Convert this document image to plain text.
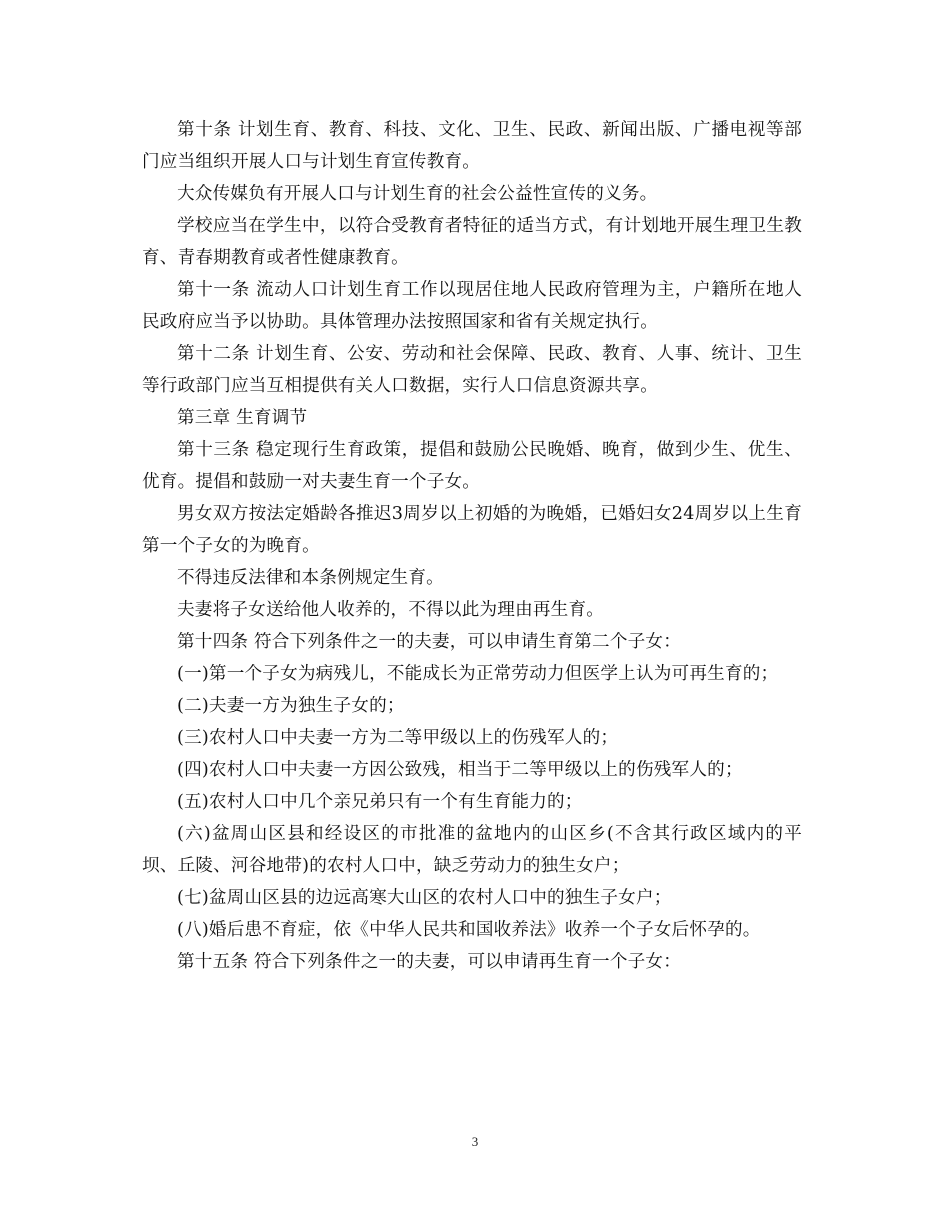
第十条 计划生育、教育、科技、文化、卫生、民政、新闻出版、广播电视等部门应当组织开展人口与计划生育宣传教育。

大众传媒负有开展人口与计划生育的社会公益性宣传的义务。

学校应当在学生中，以符合受教育者特征的适当方式，有计划地开展生理卫生教育、青春期教育或者性健康教育。

第十一条 流动人口计划生育工作以现居住地人民政府管理为主，户籍所在地人民政府应当予以协助。具体管理办法按照国家和省有关规定执行。

第十二条 计划生育、公安、劳动和社会保障、民政、教育、人事、统计、卫生等行政部门应当互相提供有关人口数据，实行人口信息资源共享。

第三章 生育调节

第十三条 稳定现行生育政策，提倡和鼓励公民晚婚、晚育，做到少生、优生、优育。提倡和鼓励一对夫妻生育一个子女。

男女双方按法定婚龄各推迟3周岁以上初婚的为晚婚，已婚妇女24周岁以上生育第一个子女的为晚育。

不得违反法律和本条例规定生育。

夫妻将子女送给他人收养的，不得以此为理由再生育。

第十四条 符合下列条件之一的夫妻，可以申请生育第二个子女：

(一)第一个子女为病残儿，不能成长为正常劳动力但医学上认为可再生育的；

(二)夫妻一方为独生子女的；

(三)农村人口中夫妻一方为二等甲级以上的伤残军人的；

(四)农村人口中夫妻一方因公致残，相当于二等甲级以上的伤残军人的；

(五)农村人口中几个亲兄弟只有一个有生育能力的；

(六)盆周山区县和经设区的市批准的盆地内的山区乡(不含其行政区域内的平坝、丘陵、河谷地带)的农村人口中，缺乏劳动力的独生女户；

(七)盆周山区县的边远高寒大山区的农村人口中的独生子女户；

(八)婚后患不育症，依《中华人民共和国收养法》收养一个子女后怀孕的。

第十五条 符合下列条件之一的夫妻，可以申请再生育一个子女：

3
